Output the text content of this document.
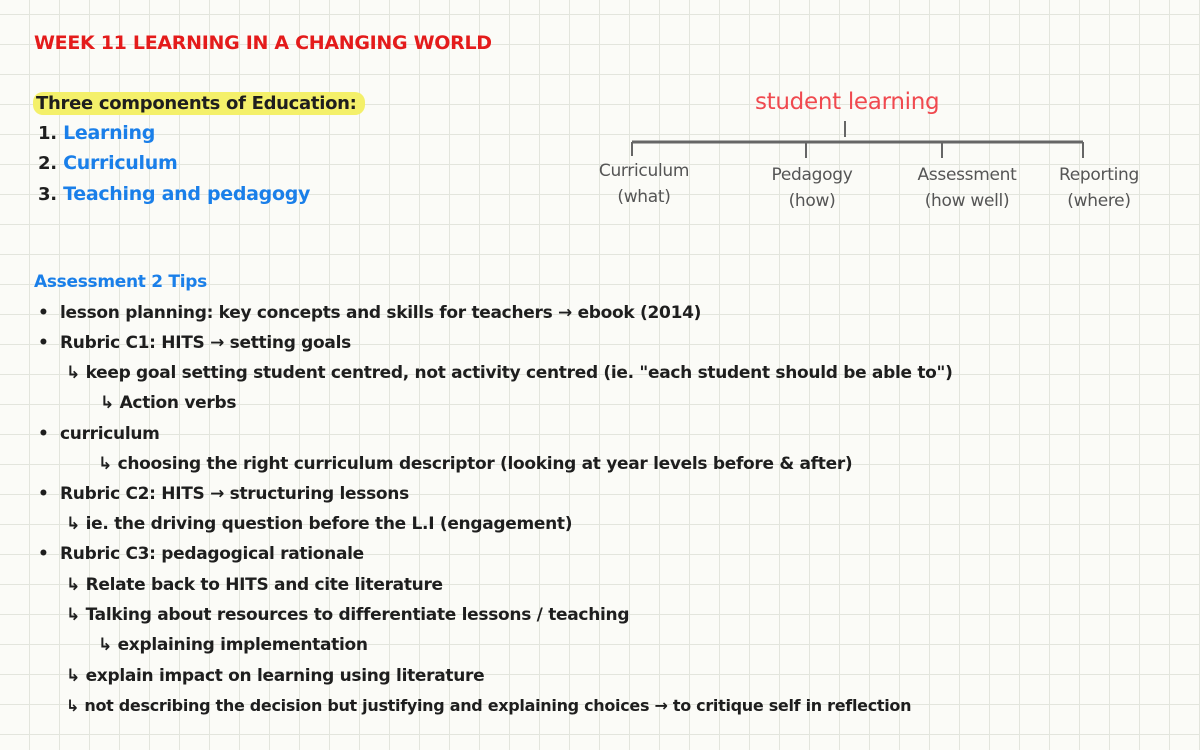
WEEK 11 LEARNING IN A CHANGING WORLD
Three components of Education:
1. Learning
2. Curriculum
3. Teaching and pedagogy
student learning
Curriculum
(what)
Pedagogy
(how)
Assessment
(how well)
Reporting
(where)
Assessment 2 Tips
• lesson planning: key concepts and skills for teachers → ebook (2014)
• Rubric C1: HITS → setting goals
↳ keep goal setting student centred, not activity centred (ie. "each student should be able to")
↳ Action verbs
• curriculum
↳ choosing the right curriculum descriptor (looking at year levels before & after)
• Rubric C2: HITS → structuring lessons
↳ ie. the driving question before the L.I (engagement)
• Rubric C3: pedagogical rationale
↳ Relate back to HITS and cite literature
↳ Talking about resources to differentiate lessons / teaching
↳ explaining implementation
↳ explain impact on learning using literature
↳ not describing the decision but justifying and explaining choices → to critique self in reflection
